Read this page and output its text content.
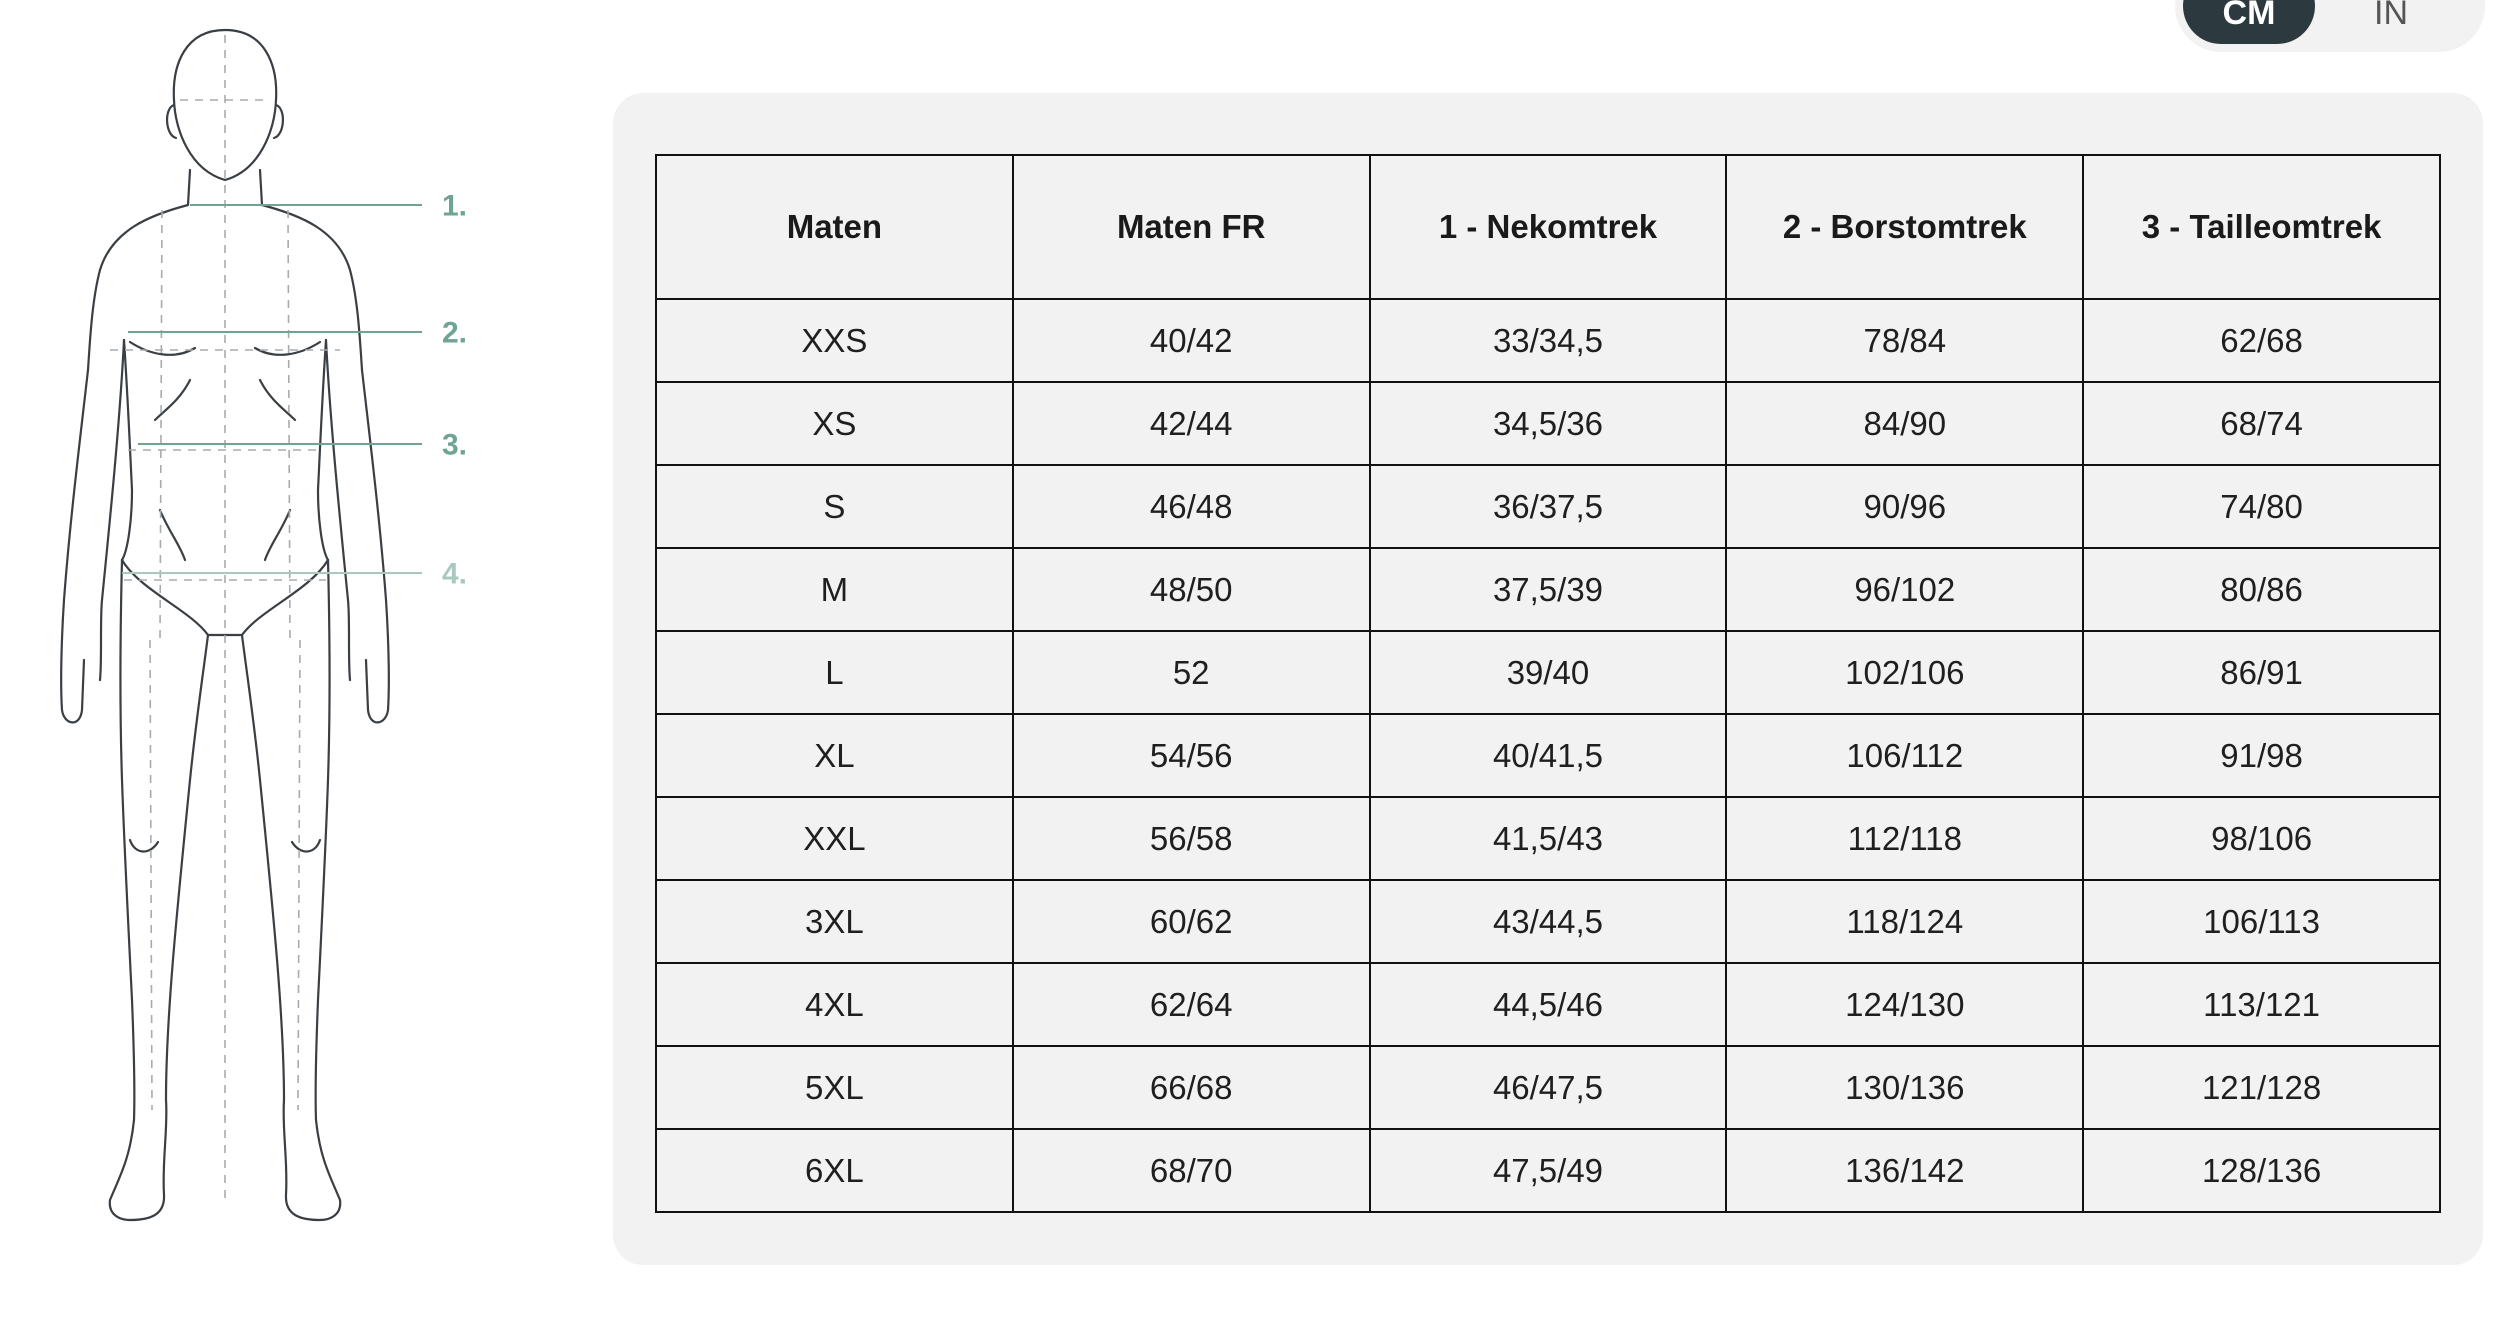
CM	IN
1.
2.
3.
4.
Maten	Maten FR	1 - Nekomtrek	2 - Borstomtrek	3 - Tailleomtrek
XXS	40/42	33/34,5	78/84	62/68
XS	42/44	34,5/36	84/90	68/74
S	46/48	36/37,5	90/96	74/80
M	48/50	37,5/39	96/102	80/86
L	52	39/40	102/106	86/91
XL	54/56	40/41,5	106/112	91/98
XXL	56/58	41,5/43	112/118	98/106
3XL	60/62	43/44,5	118/124	106/113
4XL	62/64	44,5/46	124/130	113/121
5XL	66/68	46/47,5	130/136	121/128
6XL	68/70	47,5/49	136/142	128/136
